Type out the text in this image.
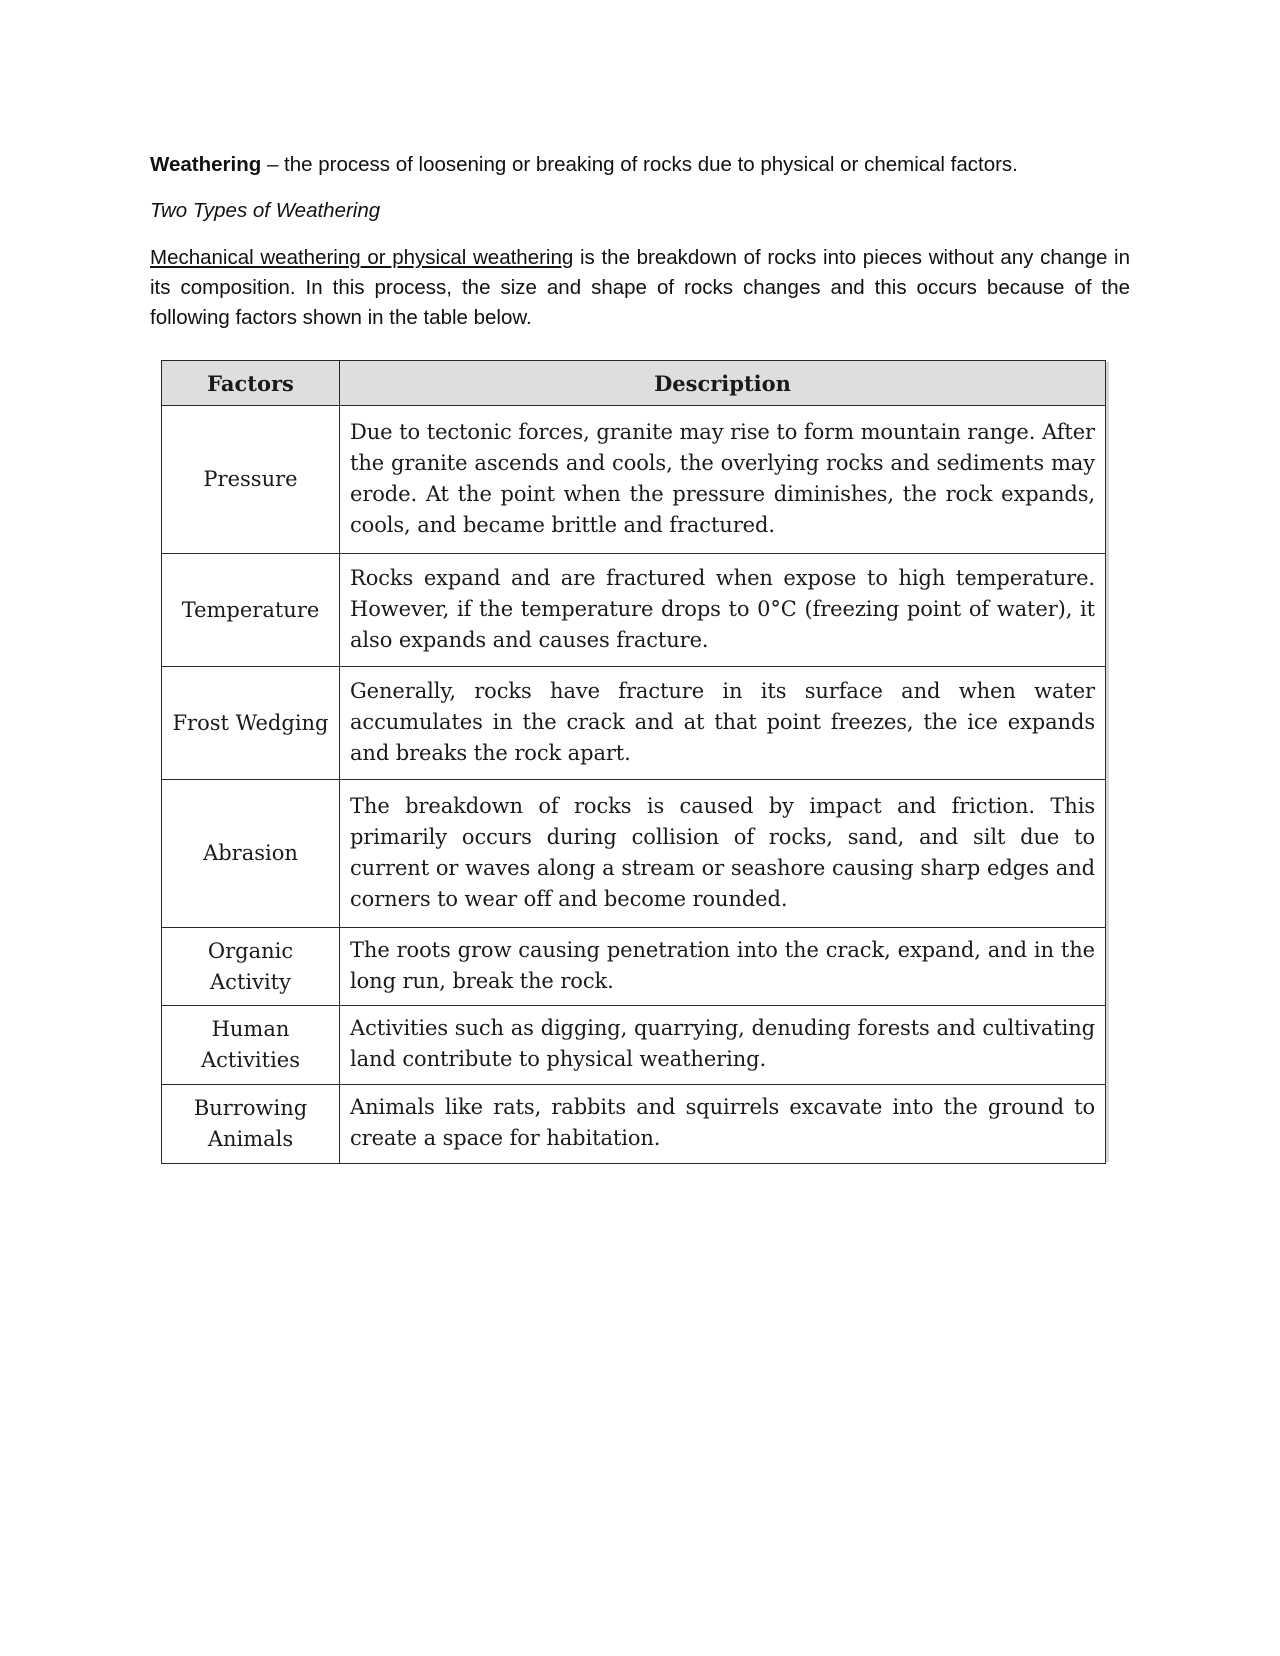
Weathering – the process of loosening or breaking of rocks due to physical or chemical factors.

Two Types of Weathering

Mechanical weathering or physical weathering is the breakdown of rocks into pieces without any change in its composition. In this process, the size and shape of rocks changes and this occurs because of the following factors shown in the table below.

Factors	Description
Pressure	Due to tectonic forces, granite may rise to form mountain range. After the granite ascends and cools, the overlying rocks and sediments may erode. At the point when the pressure diminishes, the rock expands, cools, and became brittle and fractured.
Temperature	Rocks expand and are fractured when expose to high temperature. However, if the temperature drops to 0°C (freezing point of water), it also expands and causes fracture.
Frost Wedging	Generally, rocks have fracture in its surface and when water accumulates in the crack and at that point freezes, the ice expands and breaks the rock apart.
Abrasion	The breakdown of rocks is caused by impact and friction. This primarily occurs during collision of rocks, sand, and silt due to current or waves along a stream or seashore causing sharp edges and corners to wear off and become rounded.
Organic Activity	The roots grow causing penetration into the crack, expand, and in the long run, break the rock.
Human Activities	Activities such as digging, quarrying, denuding forests and cultivating land contribute to physical weathering.
Burrowing Animals	Animals like rats, rabbits and squirrels excavate into the ground to create a space for habitation.
